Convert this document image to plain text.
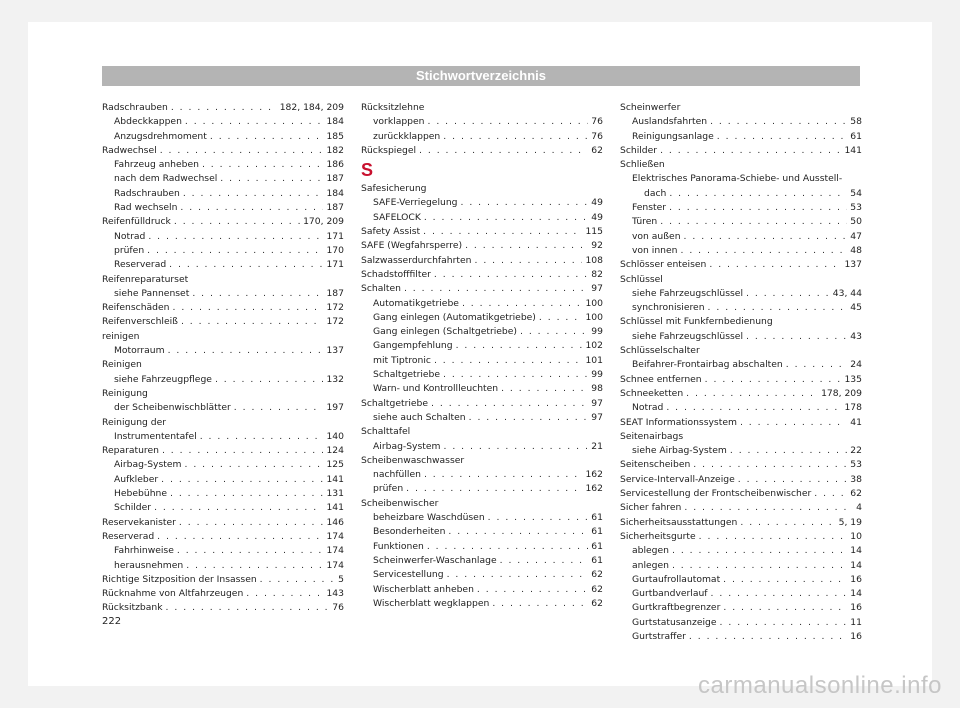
Stichwortverzeichnis
Radschrauben . . .	182, 184, 209
Abdeckkappen . . .	184
Anzugsdrehmoment . . .	185
Radwechsel . . .	182
Fahrzeug anheben . . .	186
nach dem Radwechsel . . .	187
Radschrauben . . .	184
Rad wechseln . . .	187
Reifenfülldruck . . .	170, 209
Notrad . . .	171
prüfen . . .	170
Reserverad . . .	171
Reifenreparaturset
siehe Pannenset . . .	187
Reifenschäden . . .	172
Reifenverschleiß . . .	172
reinigen
Motorraum . . .	137
Reinigen
siehe Fahrzeugpflege . . .	132
Reinigung
der Scheibenwischblätter . . .	197
Reinigung der
Instrumententafel . . .	140
Reparaturen . . .	124
Airbag-System . . .	125
Aufkleber . . .	141
Hebebühne . . .	131
Schilder . . .	141
Reservekanister . . .	146
Reserverad . . .	174
Fahrhinweise . . .	174
herausnehmen . . .	174
Richtige Sitzposition der Insassen . . .	5
Rücknahme von Altfahrzeugen . . .	143
Rücksitzbank . . .	76
Rücksitzlehne
vorklappen . . .	76
zurückklappen . . .	76
Rückspiegel . . .	62
S
Safesicherung
SAFE-Verriegelung . . .	49
SAFELOCK . . .	49
Safety Assist . . .	115
SAFE (Wegfahrsperre) . . .	92
Salzwasserdurchfahrten . . .	108
Schadstofffilter . . .	82
Schalten . . .	97
Automatikgetriebe . . .	100
Gang einlegen (Automatikgetriebe) . . .	100
Gang einlegen (Schaltgetriebe) . . .	99
Gangempfehlung . . .	102
mit Tiptronic . . .	101
Schaltgetriebe . . .	99
Warn- und Kontrollleuchten . . .	98
Schaltgetriebe . . .	97
siehe auch Schalten . . .	97
Schalttafel
Airbag-System . . .	21
Scheibenwaschwasser
nachfüllen . . .	162
prüfen . . .	162
Scheibenwischer
beheizbare Waschdüsen . . .	61
Besonderheiten . . .	61
Funktionen . . .	61
Scheinwerfer-Waschanlage . . .	61
Servicestellung . . .	62
Wischerblatt anheben . . .	62
Wischerblatt wegklappen . . .	62
Scheinwerfer
Auslandsfahrten . . .	58
Reinigungsanlage . . .	61
Schilder . . .	141
Schließen
Elektrisches Panorama-Schiebe- und Ausstell-
dach . . .	54
Fenster . . .	53
Türen . . .	50
von außen . . .	47
von innen . . .	48
Schlösser enteisen . . .	137
Schlüssel
siehe Fahrzeugschlüssel . . .	43, 44
synchronisieren . . .	45
Schlüssel mit Funkfernbedienung
siehe Fahrzeugschlüssel . . .	43
Schlüsselschalter
Beifahrer-Frontairbag abschalten . . .	24
Schnee entfernen . . .	135
Schneeketten . . .	178, 209
Notrad . . .	178
SEAT Informationssystem . . .	41
Seitenairbags
siehe Airbag-System . . .	22
Seitenscheiben . . .	53
Service-Intervall-Anzeige . . .	38
Servicestellung der Frontscheibenwischer . . .	62
Sicher fahren . . .	4
Sicherheitsausstattungen . . .	5, 19
Sicherheitsgurte . . .	10
ablegen . . .	14
anlegen . . .	14
Gurtaufrollautomat . . .	16
Gurtbandverlauf . . .	14
Gurtkraftbegrenzer . . .	16
Gurtstatusanzeige . . .	11
Gurtstraffer . . .	16
222
carmanualsonline.info
